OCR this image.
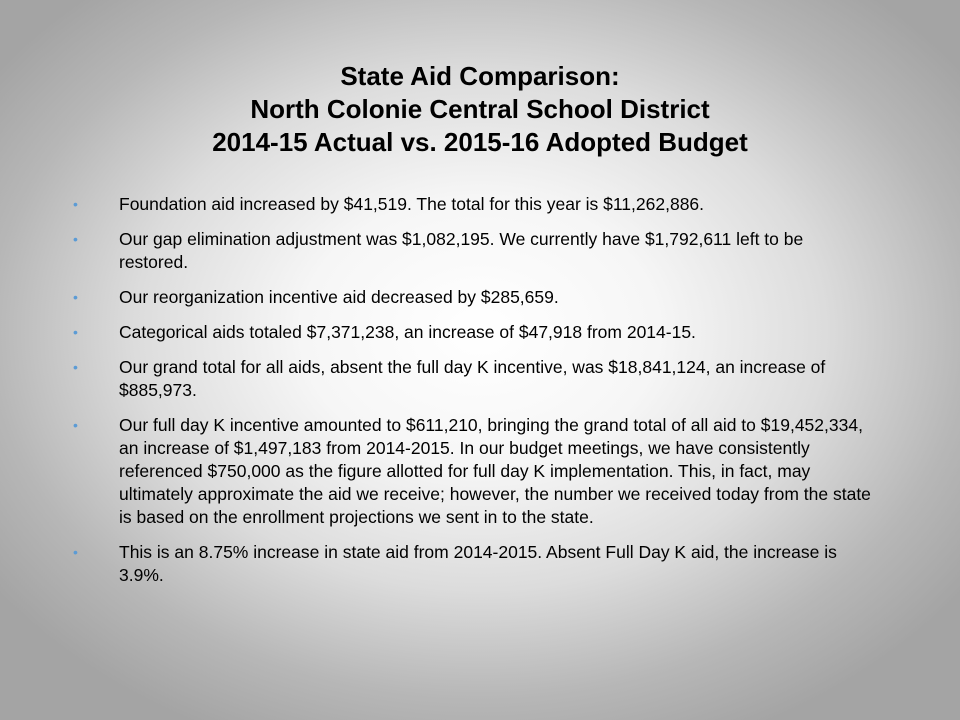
State Aid Comparison:
North Colonie Central School District
2014-15 Actual vs. 2015-16 Adopted Budget
• Foundation aid increased by $41,519. The total for this year is $11,262,886.
• Our gap elimination adjustment was $1,082,195. We currently have $1,792,611 left to be restored.
• Our reorganization incentive aid decreased by $285,659.
• Categorical aids totaled $7,371,238, an increase of $47,918 from 2014-15.
• Our grand total for all aids, absent the full day K incentive, was $18,841,124, an increase of $885,973.
• Our full day K incentive amounted to $611,210, bringing the grand total of all aid to $19,452,334, an increase of $1,497,183 from 2014-2015. In our budget meetings, we have consistently referenced $750,000 as the figure allotted for full day K implementation. This, in fact, may ultimately approximate the aid we receive; however, the number we received today from the state is based on the enrollment projections we sent in to the state.
• This is an 8.75% increase in state aid from 2014-2015. Absent Full Day K aid, the increase is 3.9%.
